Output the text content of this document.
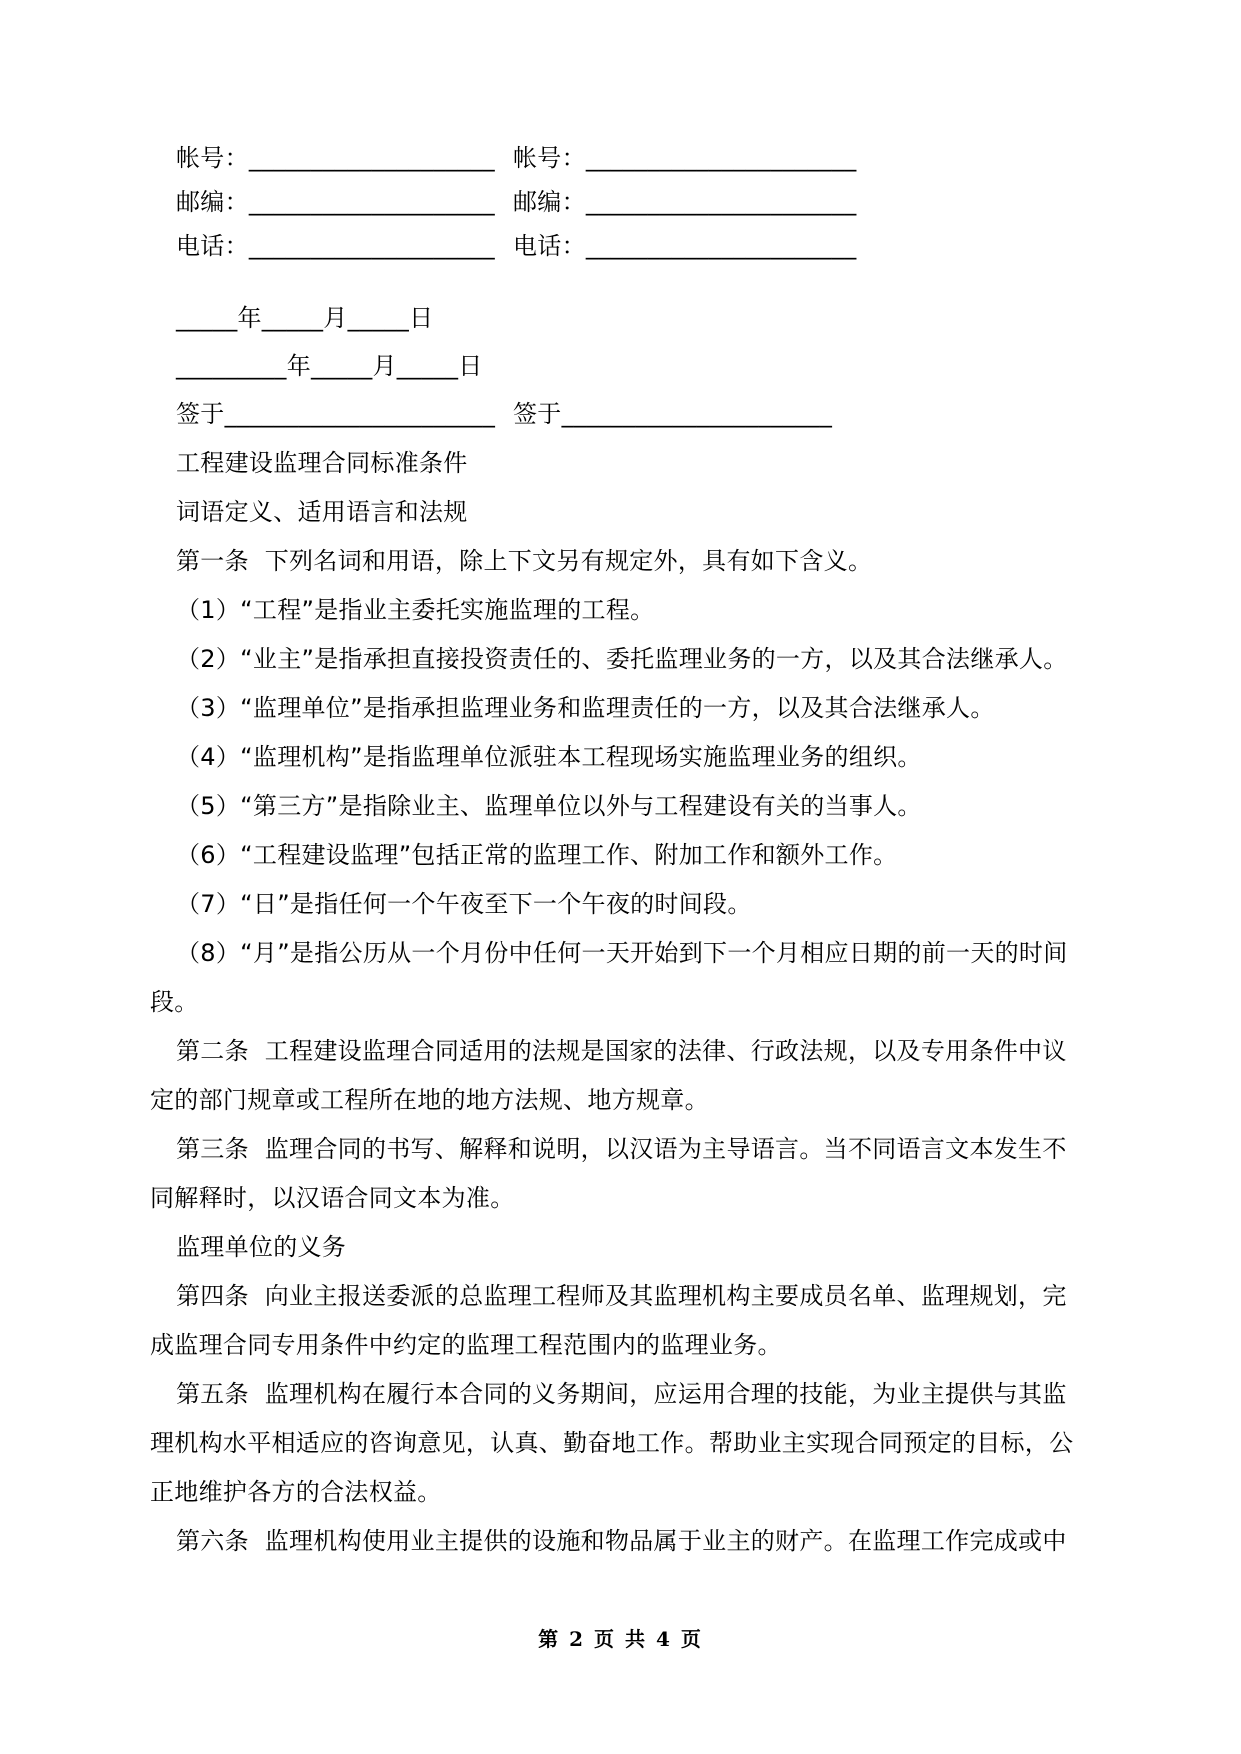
帐号：____________________ 帐号：______________________
邮编：____________________ 邮编：______________________
电话：____________________ 电话：______________________
_____年_____月_____日
_________年_____月_____日
签于______________________ 签于______________________
工程建设监理合同标准条件
词语定义、适用语言和法规
第一条  下列名词和用语，除上下文另有规定外，具有如下含义。
（1）“工程”是指业主委托实施监理的工程。
（2）“业主”是指承担直接投资责任的、委托监理业务的一方，以及其合法继承人。
（3）“监理单位”是指承担监理业务和监理责任的一方，以及其合法继承人。
（4）“监理机构”是指监理单位派驻本工程现场实施监理业务的组织。
（5）“第三方”是指除业主、监理单位以外与工程建设有关的当事人。
（6）“工程建设监理”包括正常的监理工作、附加工作和额外工作。
（7）“日”是指任何一个午夜至下一个午夜的时间段。
（8）“月”是指公历从一个月份中任何一天开始到下一个月相应日期的前一天的时间
段。
第二条  工程建设监理合同适用的法规是国家的法律、行政法规，以及专用条件中议
定的部门规章或工程所在地的地方法规、地方规章。
第三条  监理合同的书写、解释和说明，以汉语为主导语言。当不同语言文本发生不
同解释时，以汉语合同文本为准。
监理单位的义务
第四条  向业主报送委派的总监理工程师及其监理机构主要成员名单、监理规划，完
成监理合同专用条件中约定的监理工程范围内的监理业务。
第五条  监理机构在履行本合同的义务期间，应运用合理的技能，为业主提供与其监
理机构水平相适应的咨询意见，认真、勤奋地工作。帮助业主实现合同预定的目标，公
正地维护各方的合法权益。
第六条  监理机构使用业主提供的设施和物品属于业主的财产。在监理工作完成或中
第 2 页 共 4 页
